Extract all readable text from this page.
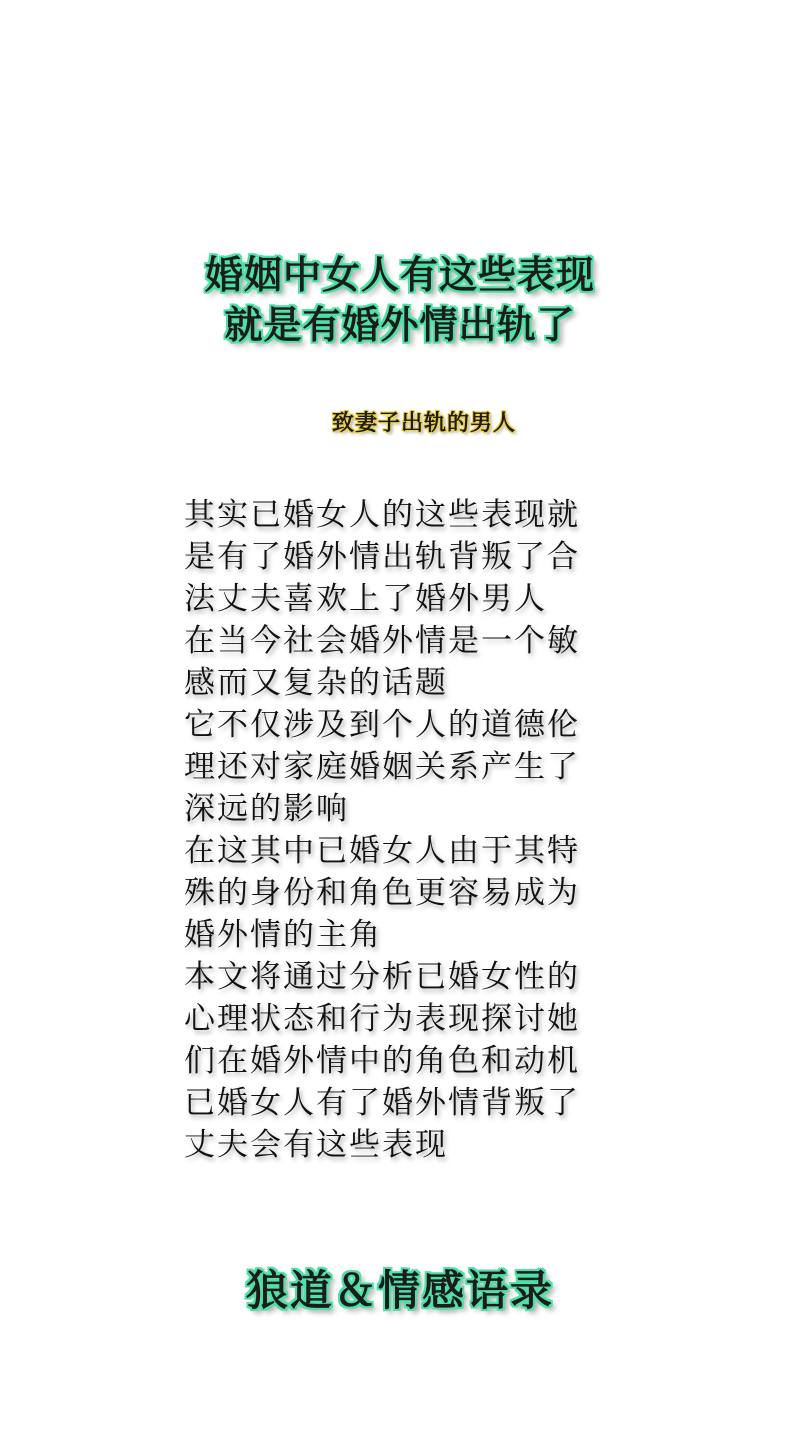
婚姻中女人有这些表现
就是有婚外情出轨了
致妻子出轨的男人
其实已婚女人的这些表现就
是有了婚外情出轨背叛了合
法丈夫喜欢上了婚外男人
在当今社会婚外情是一个敏
感而又复杂的话题
它不仅涉及到个人的道德伦
理还对家庭婚姻关系产生了
深远的影响
在这其中已婚女人由于其特
殊的身份和角色更容易成为
婚外情的主角
本文将通过分析已婚女性的
心理状态和行为表现探讨她
们在婚外情中的角色和动机
已婚女人有了婚外情背叛了
丈夫会有这些表现
狼道＆情感语录
